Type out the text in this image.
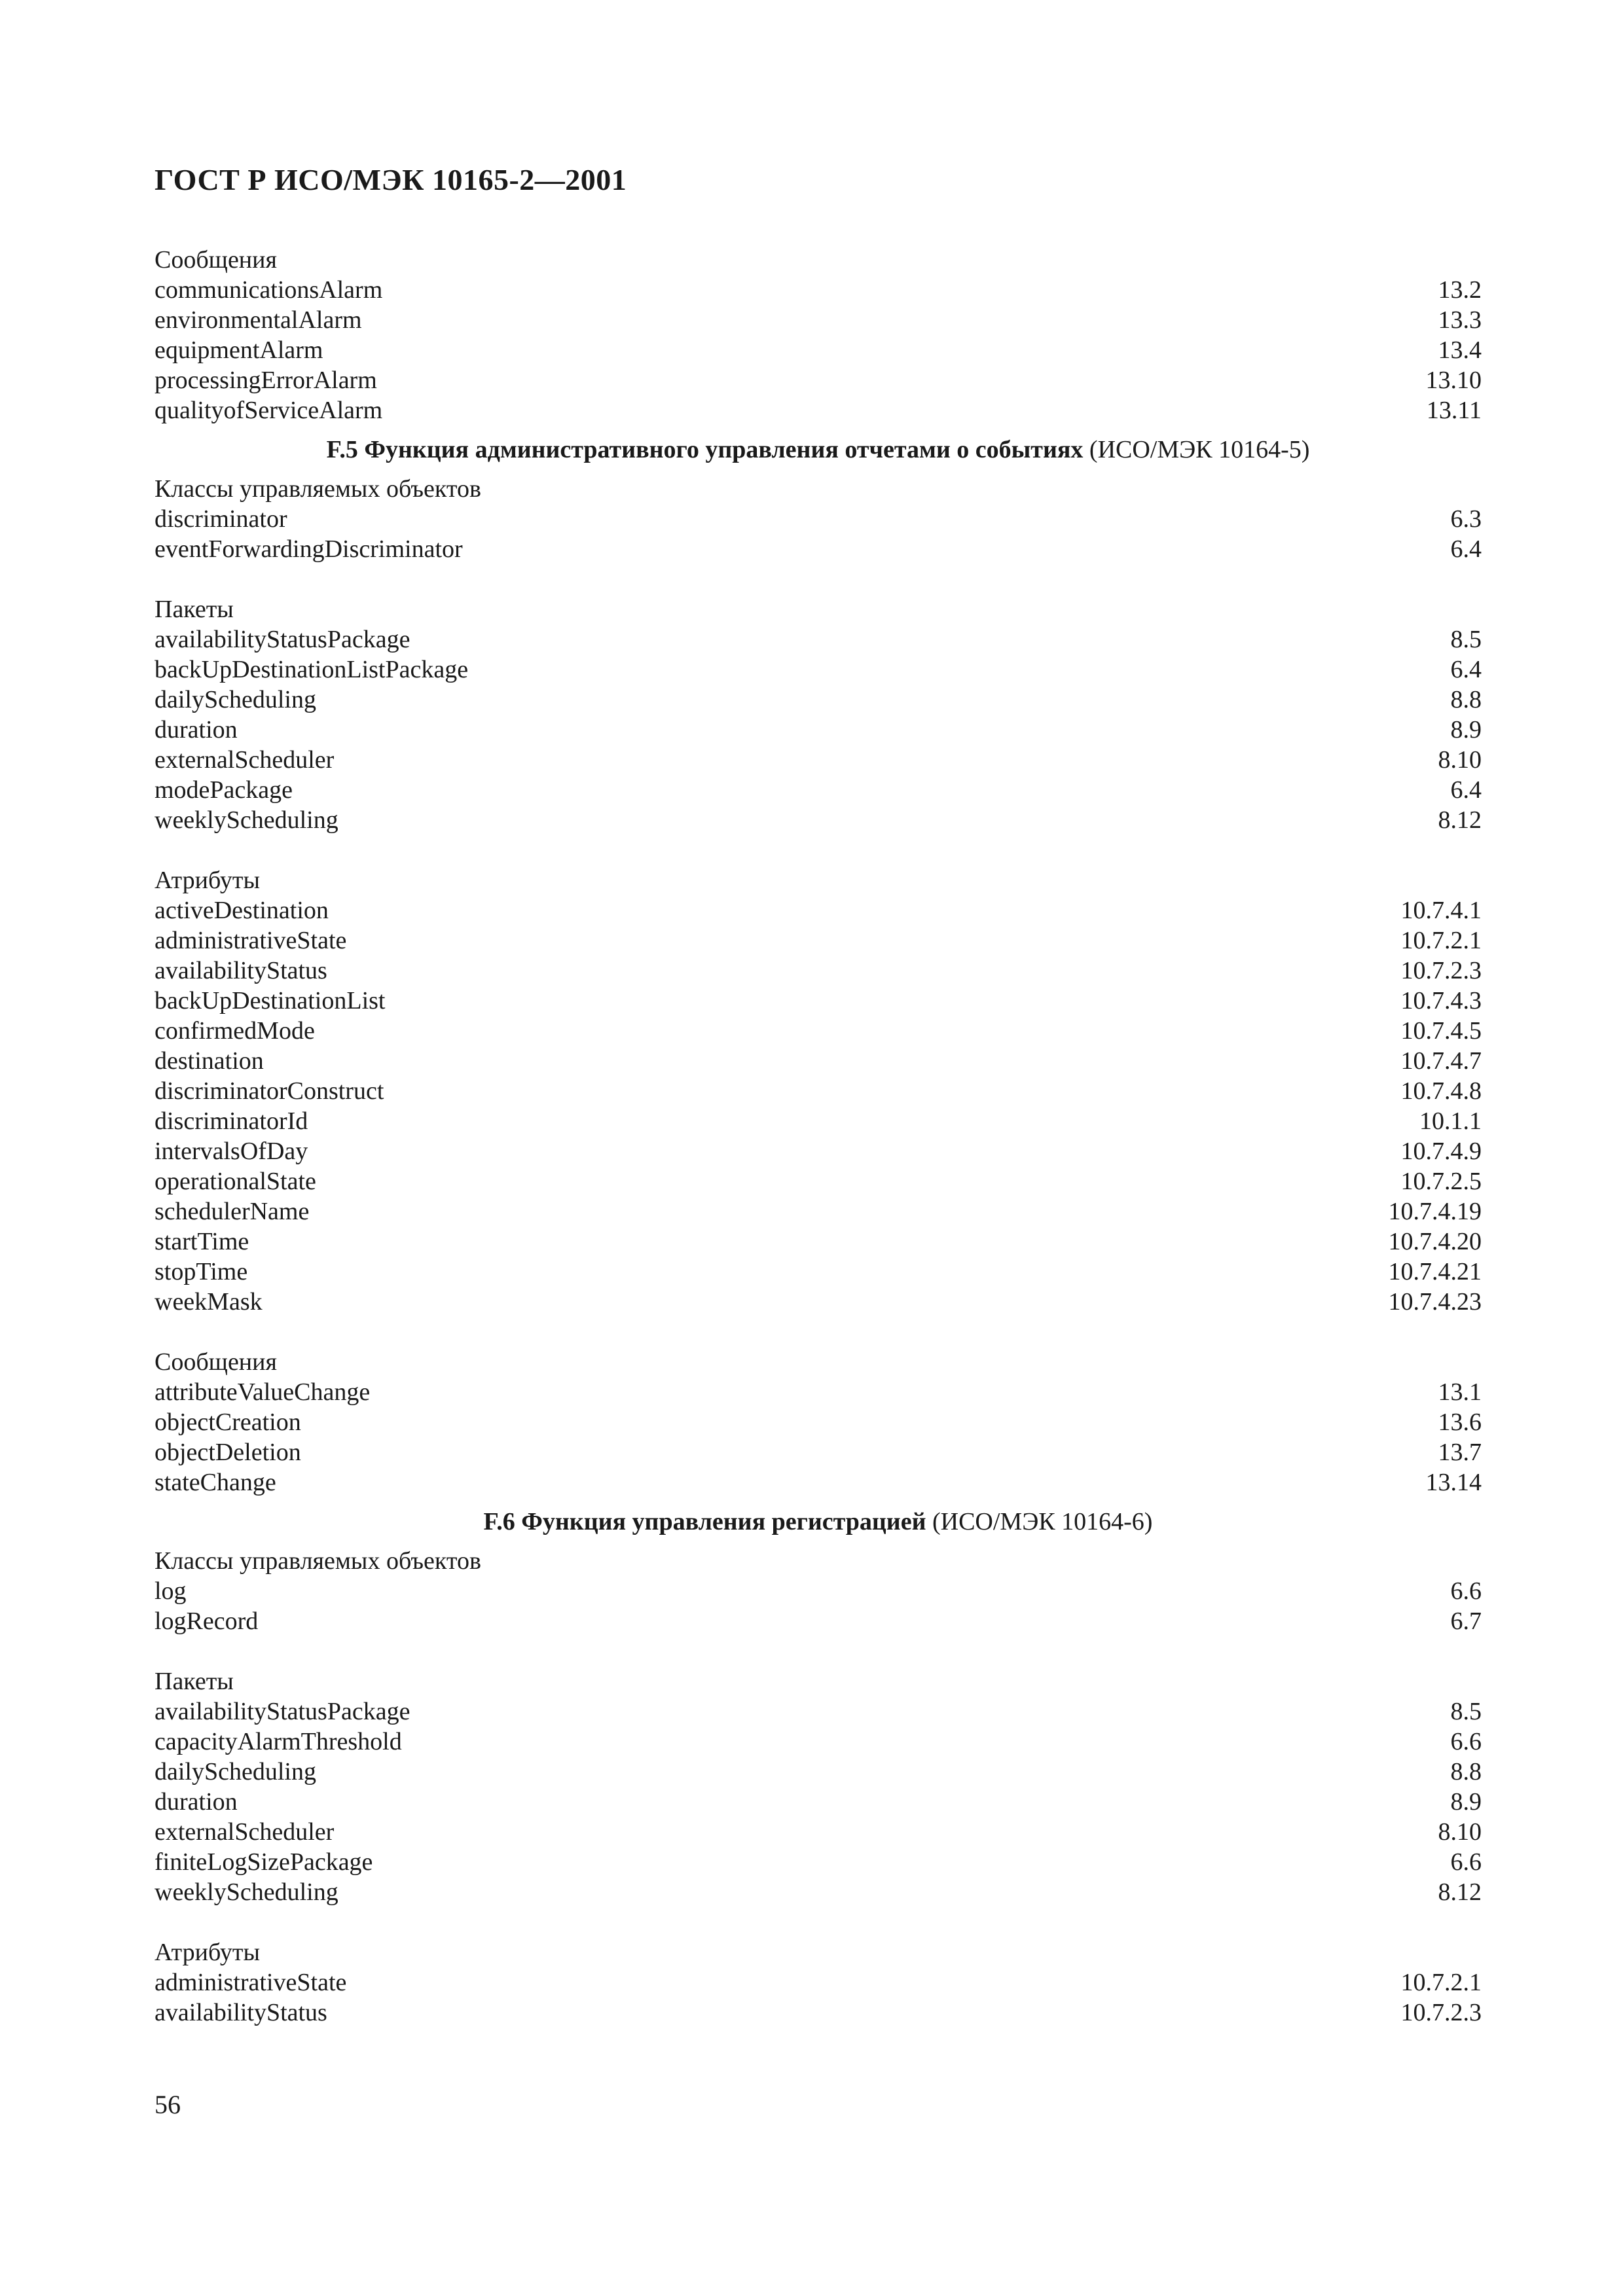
ГОСТ Р ИСО/МЭК 10165-2—2001
Сообщения
communicationsAlarm	13.2
environmentalAlarm	13.3
equipmentAlarm	13.4
processingErrorAlarm	13.10
qualityofServiceAlarm	13.11
F.5 Функция административного управления отчетами о событиях (ИСО/МЭК 10164-5)
Классы управляемых объектов
discriminator	6.3
eventForwardingDiscriminator	6.4
Пакеты
availabilityStatusPackage	8.5
backUpDestinationListPackage	6.4
dailyScheduling	8.8
duration	8.9
externalScheduler	8.10
modePackage	6.4
weeklyScheduling	8.12
Атрибуты
activeDestination	10.7.4.1
administrativeState	10.7.2.1
availabilityStatus	10.7.2.3
backUpDestinationList	10.7.4.3
confirmedMode	10.7.4.5
destination	10.7.4.7
discriminatorConstruct	10.7.4.8
discriminatorId	10.1.1
intervalsOfDay	10.7.4.9
operationalState	10.7.2.5
schedulerName	10.7.4.19
startTime	10.7.4.20
stopTime	10.7.4.21
weekMask	10.7.4.23
Сообщения
attributeValueChange	13.1
objectCreation	13.6
objectDeletion	13.7
stateChange	13.14
F.6 Функция управления регистрацией (ИСО/МЭК 10164-6)
Классы управляемых объектов
log	6.6
logRecord	6.7
Пакеты
availabilityStatusPackage	8.5
capacityAlarmThreshold	6.6
dailyScheduling	8.8
duration	8.9
externalScheduler	8.10
finiteLogSizePackage	6.6
weeklyScheduling	8.12
Атрибуты
administrativeState	10.7.2.1
availabilityStatus	10.7.2.3
56
